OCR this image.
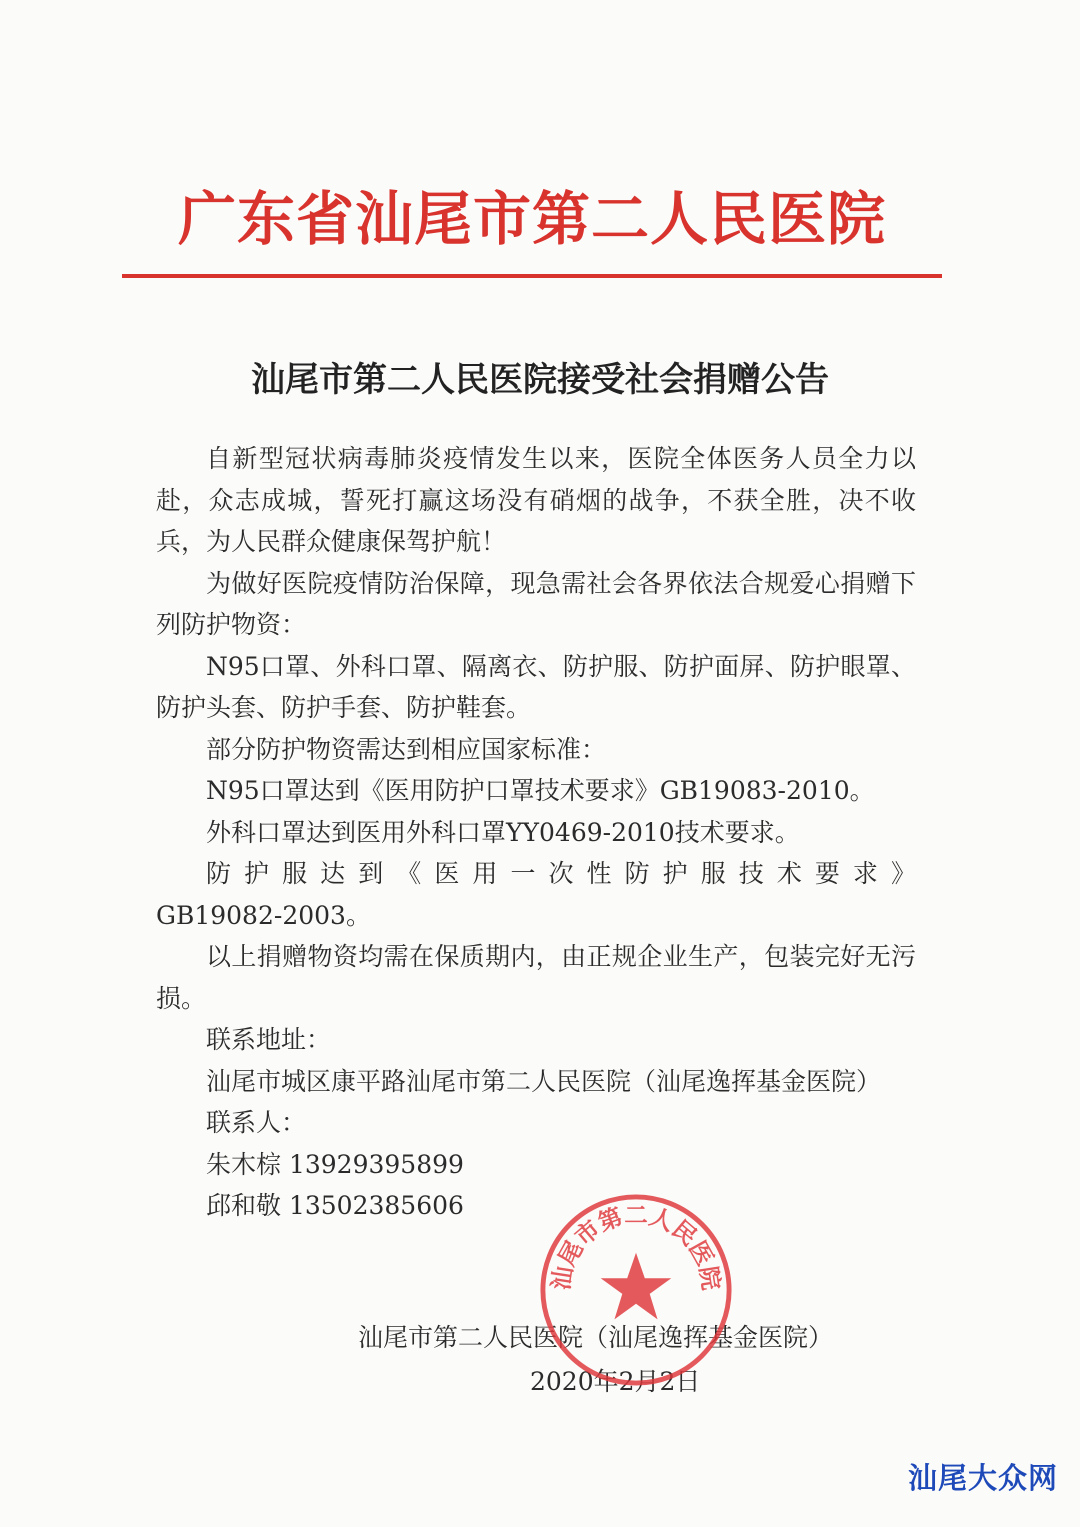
广东省汕尾市第二人民医院
汕尾市第二人民医院接受社会捐赠公告

自新型冠状病毒肺炎疫情发生以来，医院全体医务人员全力以赴，众志成城，誓死打赢这场没有硝烟的战争，不获全胜，决不收兵，为人民群众健康保驾护航！

为做好医院疫情防治保障，现急需社会各界依法合规爱心捐赠下列防护物资：

N95口罩、外科口罩、隔离衣、防护服、防护面屏、防护眼罩、防护头套、防护手套、防护鞋套。

部分防护物资需达到相应国家标准：

N95口罩达到《医用防护口罩技术要求》GB19083-2010。

外科口罩达到医用外科口罩YY0469-2010技术要求。

防护服达到《医用一次性防护服技术要求》

GB19082-2003。

以上捐赠物资均需在保质期内，由正规企业生产，包装完好无污损。

联系地址：

汕尾市城区康平路汕尾市第二人民医院（汕尾逸挥基金医院）

联系人：

朱木棕 13929395899

邱和敬 13502385606

汕尾市第二人民医院（汕尾逸挥基金医院）

2020年2月2日

汕尾市第二人民医院
汕尾大众网
